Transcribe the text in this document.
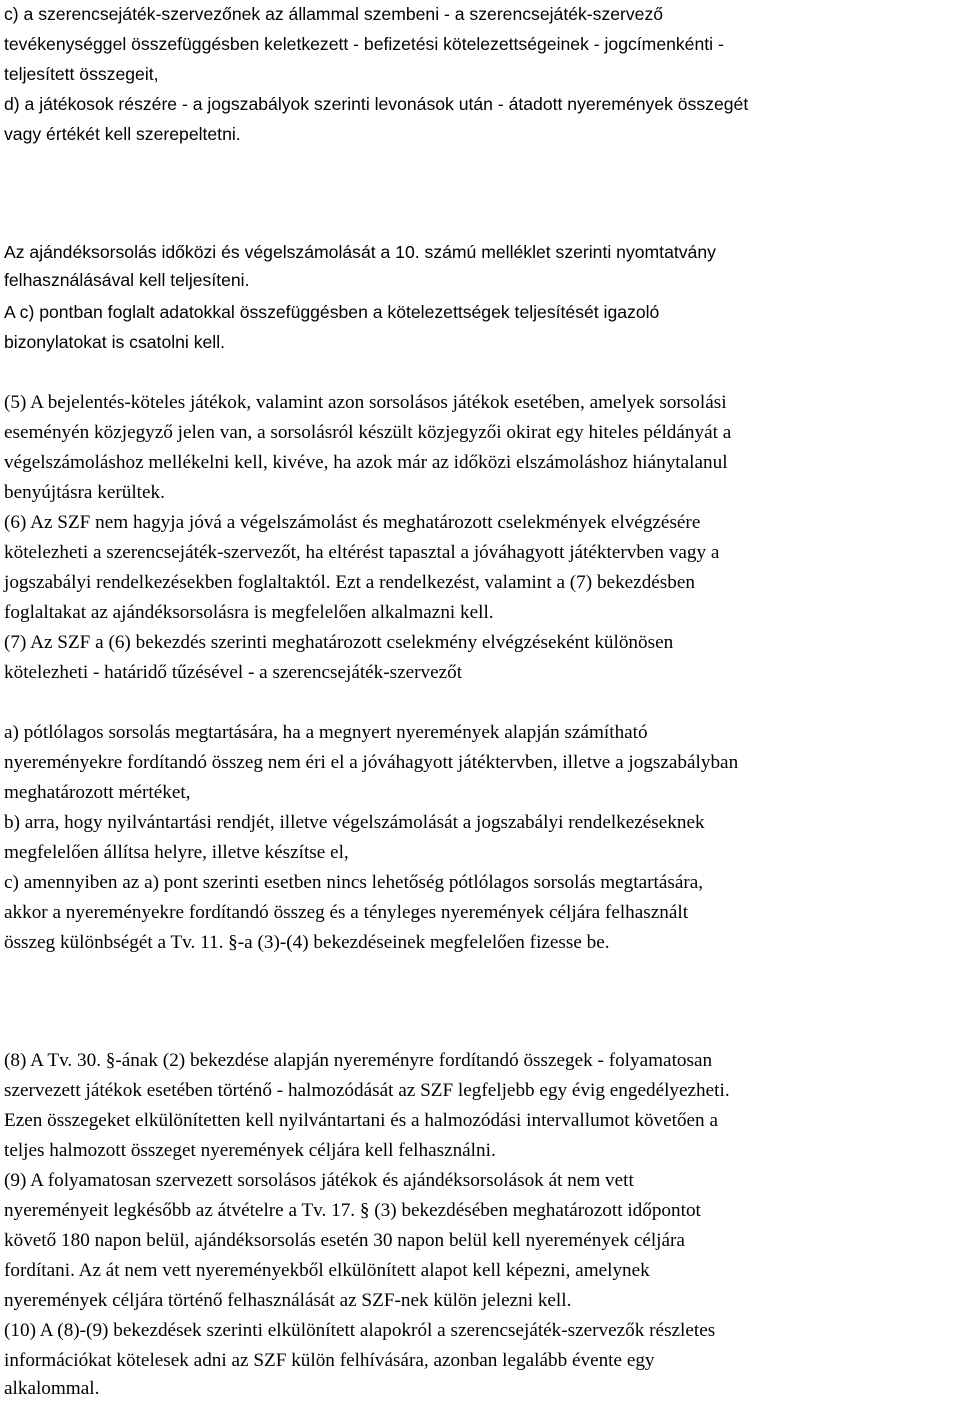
c) a szerencsejáték-szervezőnek az állammal szembeni - a szerencsejáték-szervező
tevékenységgel összefüggésben keletkezett - befizetési kötelezettségeinek - jogcímenkénti -
teljesített összegeit,
d) a játékosok részére - a jogszabályok szerinti levonások után - átadott nyeremények összegét
vagy értékét kell szerepeltetni.
Az ajándéksorsolás időközi és végelszámolását a 10. számú melléklet szerinti nyomtatvány
felhasználásával kell teljesíteni.
A c) pontban foglalt adatokkal összefüggésben a kötelezettségek teljesítését igazoló
bizonylatokat is csatolni kell.
(5) A bejelentés-köteles játékok, valamint azon sorsolásos játékok esetében, amelyek sorsolási
eseményén közjegyző jelen van, a sorsolásról készült közjegyzői okirat egy hiteles példányát a
végelszámoláshoz mellékelni kell, kivéve, ha azok már az időközi elszámoláshoz hiánytalanul
benyújtásra kerültek.
(6) Az SZF nem hagyja jóvá a végelszámolást és meghatározott cselekmények elvégzésére
kötelezheti a szerencsejáték-szervezőt, ha eltérést tapasztal a jóváhagyott játéktervben vagy a
jogszabályi rendelkezésekben foglaltaktól. Ezt a rendelkezést, valamint a (7) bekezdésben
foglaltakat az ajándéksorsolásra is megfelelően alkalmazni kell.
(7) Az SZF a (6) bekezdés szerinti meghatározott cselekmény elvégzéseként különösen
kötelezheti - határidő tűzésével - a szerencsejáték-szervezőt
a) pótlólagos sorsolás megtartására, ha a megnyert nyeremények alapján számítható
nyereményekre fordítandó összeg nem éri el a jóváhagyott játéktervben, illetve a jogszabályban
meghatározott mértéket,
b) arra, hogy nyilvántartási rendjét, illetve végelszámolását a jogszabályi rendelkezéseknek
megfelelően állítsa helyre, illetve készítse el,
c) amennyiben az a) pont szerinti esetben nincs lehetőség pótlólagos sorsolás megtartására,
akkor a nyereményekre fordítandó összeg és a tényleges nyeremények céljára felhasznált
összeg különbségét a Tv. 11. §-a (3)-(4) bekezdéseinek megfelelően fizesse be.
(8) A Tv. 30. §-ának (2) bekezdése alapján nyereményre fordítandó összegek - folyamatosan
szervezett játékok esetében történő - halmozódását az SZF legfeljebb egy évig engedélyezheti.
Ezen összegeket elkülönítetten kell nyilvántartani és a halmozódási intervallumot követően a
teljes halmozott összeget nyeremények céljára kell felhasználni.
(9) A folyamatosan szervezett sorsolásos játékok és ajándéksorsolások át nem vett
nyereményeit legkésőbb az átvételre a Tv. 17. § (3) bekezdésében meghatározott időpontot
követő 180 napon belül, ajándéksorsolás esetén 30 napon belül kell nyeremények céljára
fordítani. Az át nem vett nyereményekből elkülönített alapot kell képezni, amelynek
nyeremények céljára történő felhasználását az SZF-nek külön jelezni kell.
(10) A (8)-(9) bekezdések szerinti elkülönített alapokról a szerencsejáték-szervezők részletes
információkat kötelesek adni az SZF külön felhívására, azonban legalább évente egy
alkalommal.
